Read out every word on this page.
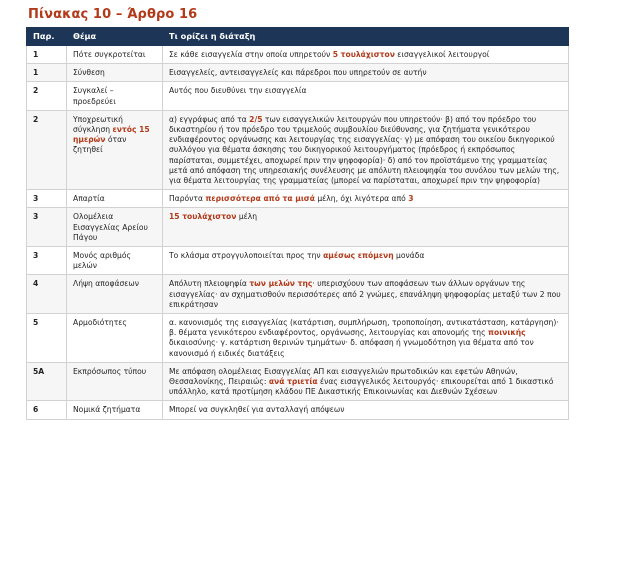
Πίνακας 10 – Άρθρο 16
Παρ.	Θέμα	Τι ορίζει η διάταξη
1	Πότε συγκροτείται	Σε κάθε εισαγγελία στην οποία υπηρετούν 5 τουλάχιστον εισαγγελικοί λειτουργοί
1	Σύνθεση	Εισαγγελείς, αντεισαγγελείς και πάρεδροι που υπηρετούν σε αυτήν
2	Συγκαλεί – προεδρεύει	Αυτός που διευθύνει την εισαγγελία
2	Υποχρεωτική σύγκληση εντός 15 ημερών όταν ζητηθεί	α) εγγράφως από τα 2/5 των εισαγγελικών λειτουργών που υπηρετούν· β) από τον πρόεδρο του δικαστηρίου ή τον πρόεδρο του τριμελούς συμβουλίου διεύθυνσης, για ζητήματα γενικότερου ενδιαφέροντος οργάνωσης και λειτουργίας της εισαγγελίας· γ) με απόφαση του οικείου δικηγορικού συλλόγου για θέματα άσκησης του δικηγορικού λειτουργήματος (πρόεδρος ή εκπρόσωπος παρίσταται, συμμετέχει, αποχωρεί πριν την ψηφοφορία)· δ) από τον προϊστάμενο της γραμματείας μετά από απόφαση της υπηρεσιακής συνέλευσης με απόλυτη πλειοψηφία του συνόλου των μελών της, για θέματα λειτουργίας της γραμματείας (μπορεί να παρίσταται, αποχωρεί πριν την ψηφοφορία)
3	Απαρτία	Παρόντα περισσότερα από τα μισά μέλη, όχι λιγότερα από 3
3	Ολομέλεια Εισαγγελίας Αρείου Πάγου	15 τουλάχιστον μέλη
3	Μονός αριθμός μελών	Το κλάσμα στρογγυλοποιείται προς την αμέσως επόμενη μονάδα
4	Λήψη αποφάσεων	Απόλυτη πλειοψηφία των μελών της· υπερισχύουν των αποφάσεων των άλλων οργάνων της εισαγγελίας· αν σχηματισθούν περισσότερες από 2 γνώμες, επανάληψη ψηφοφορίας μεταξύ των 2 που επικράτησαν
5	Αρμοδιότητες	α. κανονισμός της εισαγγελίας (κατάρτιση, συμπλήρωση, τροποποίηση, αντικατάσταση, κατάργηση)· β. θέματα γενικότερου ενδιαφέροντος, οργάνωσης, λειτουργίας και απονομής της ποινικής δικαιοσύνης· γ. κατάρτιση θερινών τμημάτων· δ. απόφαση ή γνωμοδότηση για θέματα από τον κανονισμό ή ειδικές διατάξεις
5Α	Εκπρόσωπος τύπου	Με απόφαση ολομέλειας Εισαγγελίας ΑΠ και εισαγγελιών πρωτοδικών και εφετών Αθηνών, Θεσσαλονίκης, Πειραιώς: ανά τριετία ένας εισαγγελικός λειτουργός· επικουρείται από 1 δικαστικό υπάλληλο, κατά προτίμηση κλάδου ΠΕ Δικαστικής Επικοινωνίας και Διεθνών Σχέσεων
6	Νομικά ζητήματα	Μπορεί να συγκληθεί για ανταλλαγή απόψεων
